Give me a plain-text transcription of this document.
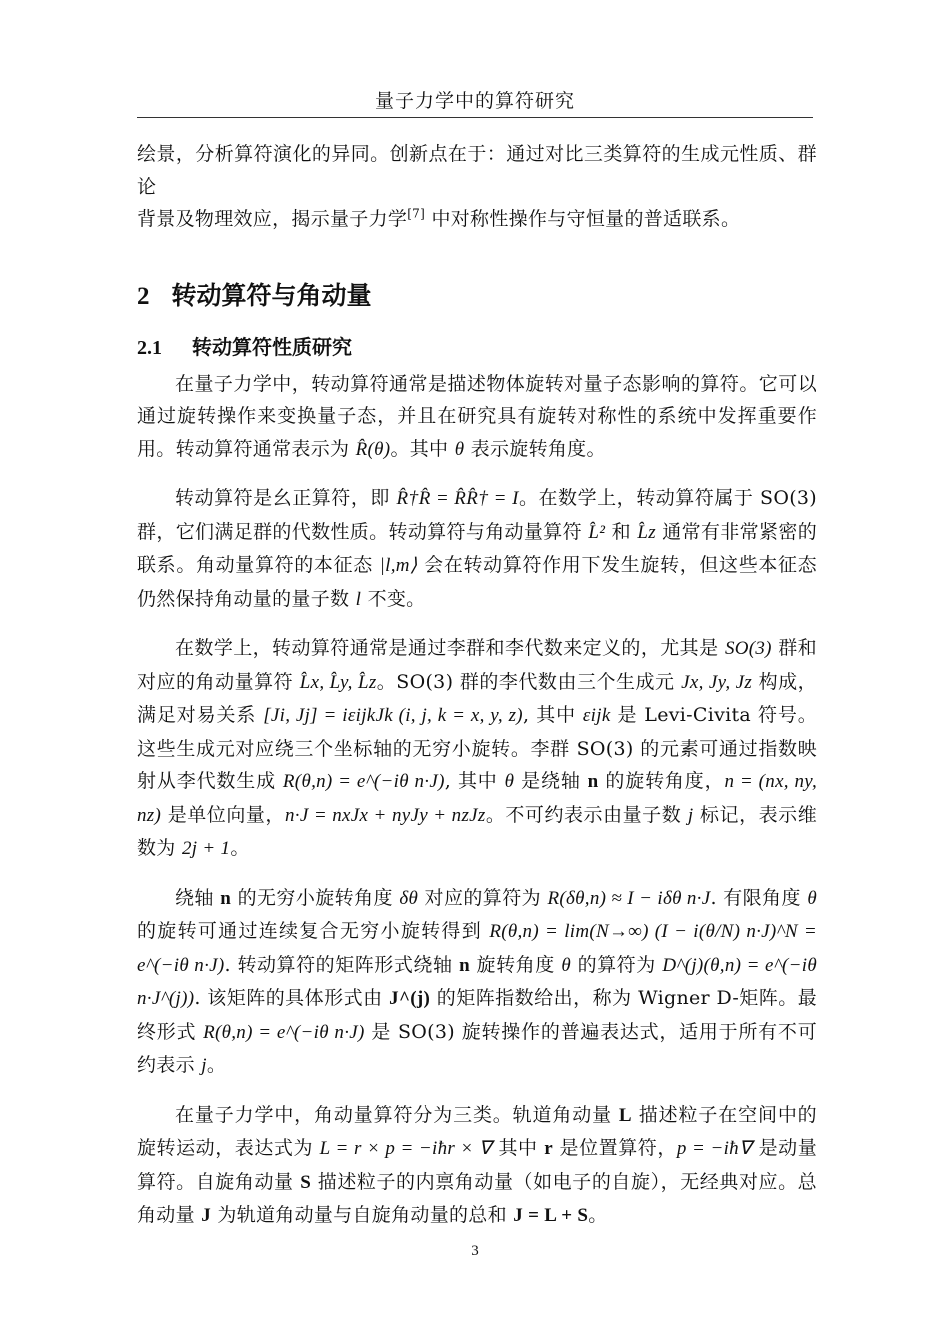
量子力学中的算符研究

绘景，分析算符演化的异同。创新点在于：通过对比三类算符的生成元性质、群论
背景及物理效应，揭示量子力学[7] 中对称性操作与守恒量的普适联系。

2 转动算符与角动量
2.1 转动算符性质研究

在量子力学中，转动算符通常是描述物体旋转对量子态影响的算符。它可以通过旋转操作来变换量子态，并且在研究具有旋转对称性的系统中发挥重要作用。转动算符通常表示为 R̂(θ)。其中 θ 表示旋转角度。

转动算符是幺正算符，即 R̂†R̂ = R̂R̂† = I。在数学上，转动算符属于 SO(3) 群，它们满足群的代数性质。转动算符与角动量算符 L̂² 和 L̂z 通常有非常紧密的联系。角动量算符的本征态 |l,m⟩ 会在转动算符作用下发生旋转，但这些本征态仍然保持角动量的量子数 l 不变。

在数学上，转动算符通常是通过李群和李代数来定义的，尤其是 SO(3) 群和对应的角动量算符 L̂x, L̂y, L̂z。SO(3) 群的李代数由三个生成元 Jx, Jy, Jz 构成，满足对易关系 [Ji, Jj] = iεijkJk (i, j, k = x, y, z), 其中 εijk 是 Levi-Civita 符号。这些生成元对应绕三个坐标轴的无穷小旋转。李群 SO(3) 的元素可通过指数映射从李代数生成 R(θ,n) = e^(−iθ n·J), 其中 θ 是绕轴 n 的旋转角度，n = (nx, ny, nz) 是单位向量，n·J = nxJx + nyJy + nzJz。不可约表示由量子数 j 标记，表示维数为 2j + 1。

绕轴 n 的无穷小旋转角度 δθ 对应的算符为 R(δθ,n) ≈ I − iδθ n·J. 有限角度 θ 的旋转可通过连续复合无穷小旋转得到 R(θ,n) = lim(N→∞) (I − i(θ/N) n·J)^N = e^(−iθ n·J). 转动算符的矩阵形式绕轴 n 旋转角度 θ 的算符为 D^(j)(θ,n) = e^(−iθ n·J^(j)). 该矩阵的具体形式由 J^(j) 的矩阵指数给出，称为 Wigner D-矩阵。最终形式 R(θ,n) = e^(−iθ n·J) 是 SO(3) 旋转操作的普遍表达式，适用于所有不可约表示 j。

在量子力学中，角动量算符分为三类。轨道角动量 L 描述粒子在空间中的旋转运动，表达式为 L = r × p = −iħr × ∇ 其中 r 是位置算符，p = −iħ∇ 是动量算符。自旋角动量 S 描述粒子的内禀角动量（如电子的自旋），无经典对应。总角动量 J 为轨道角动量与自旋角动量的总和 J = L + S。

3
